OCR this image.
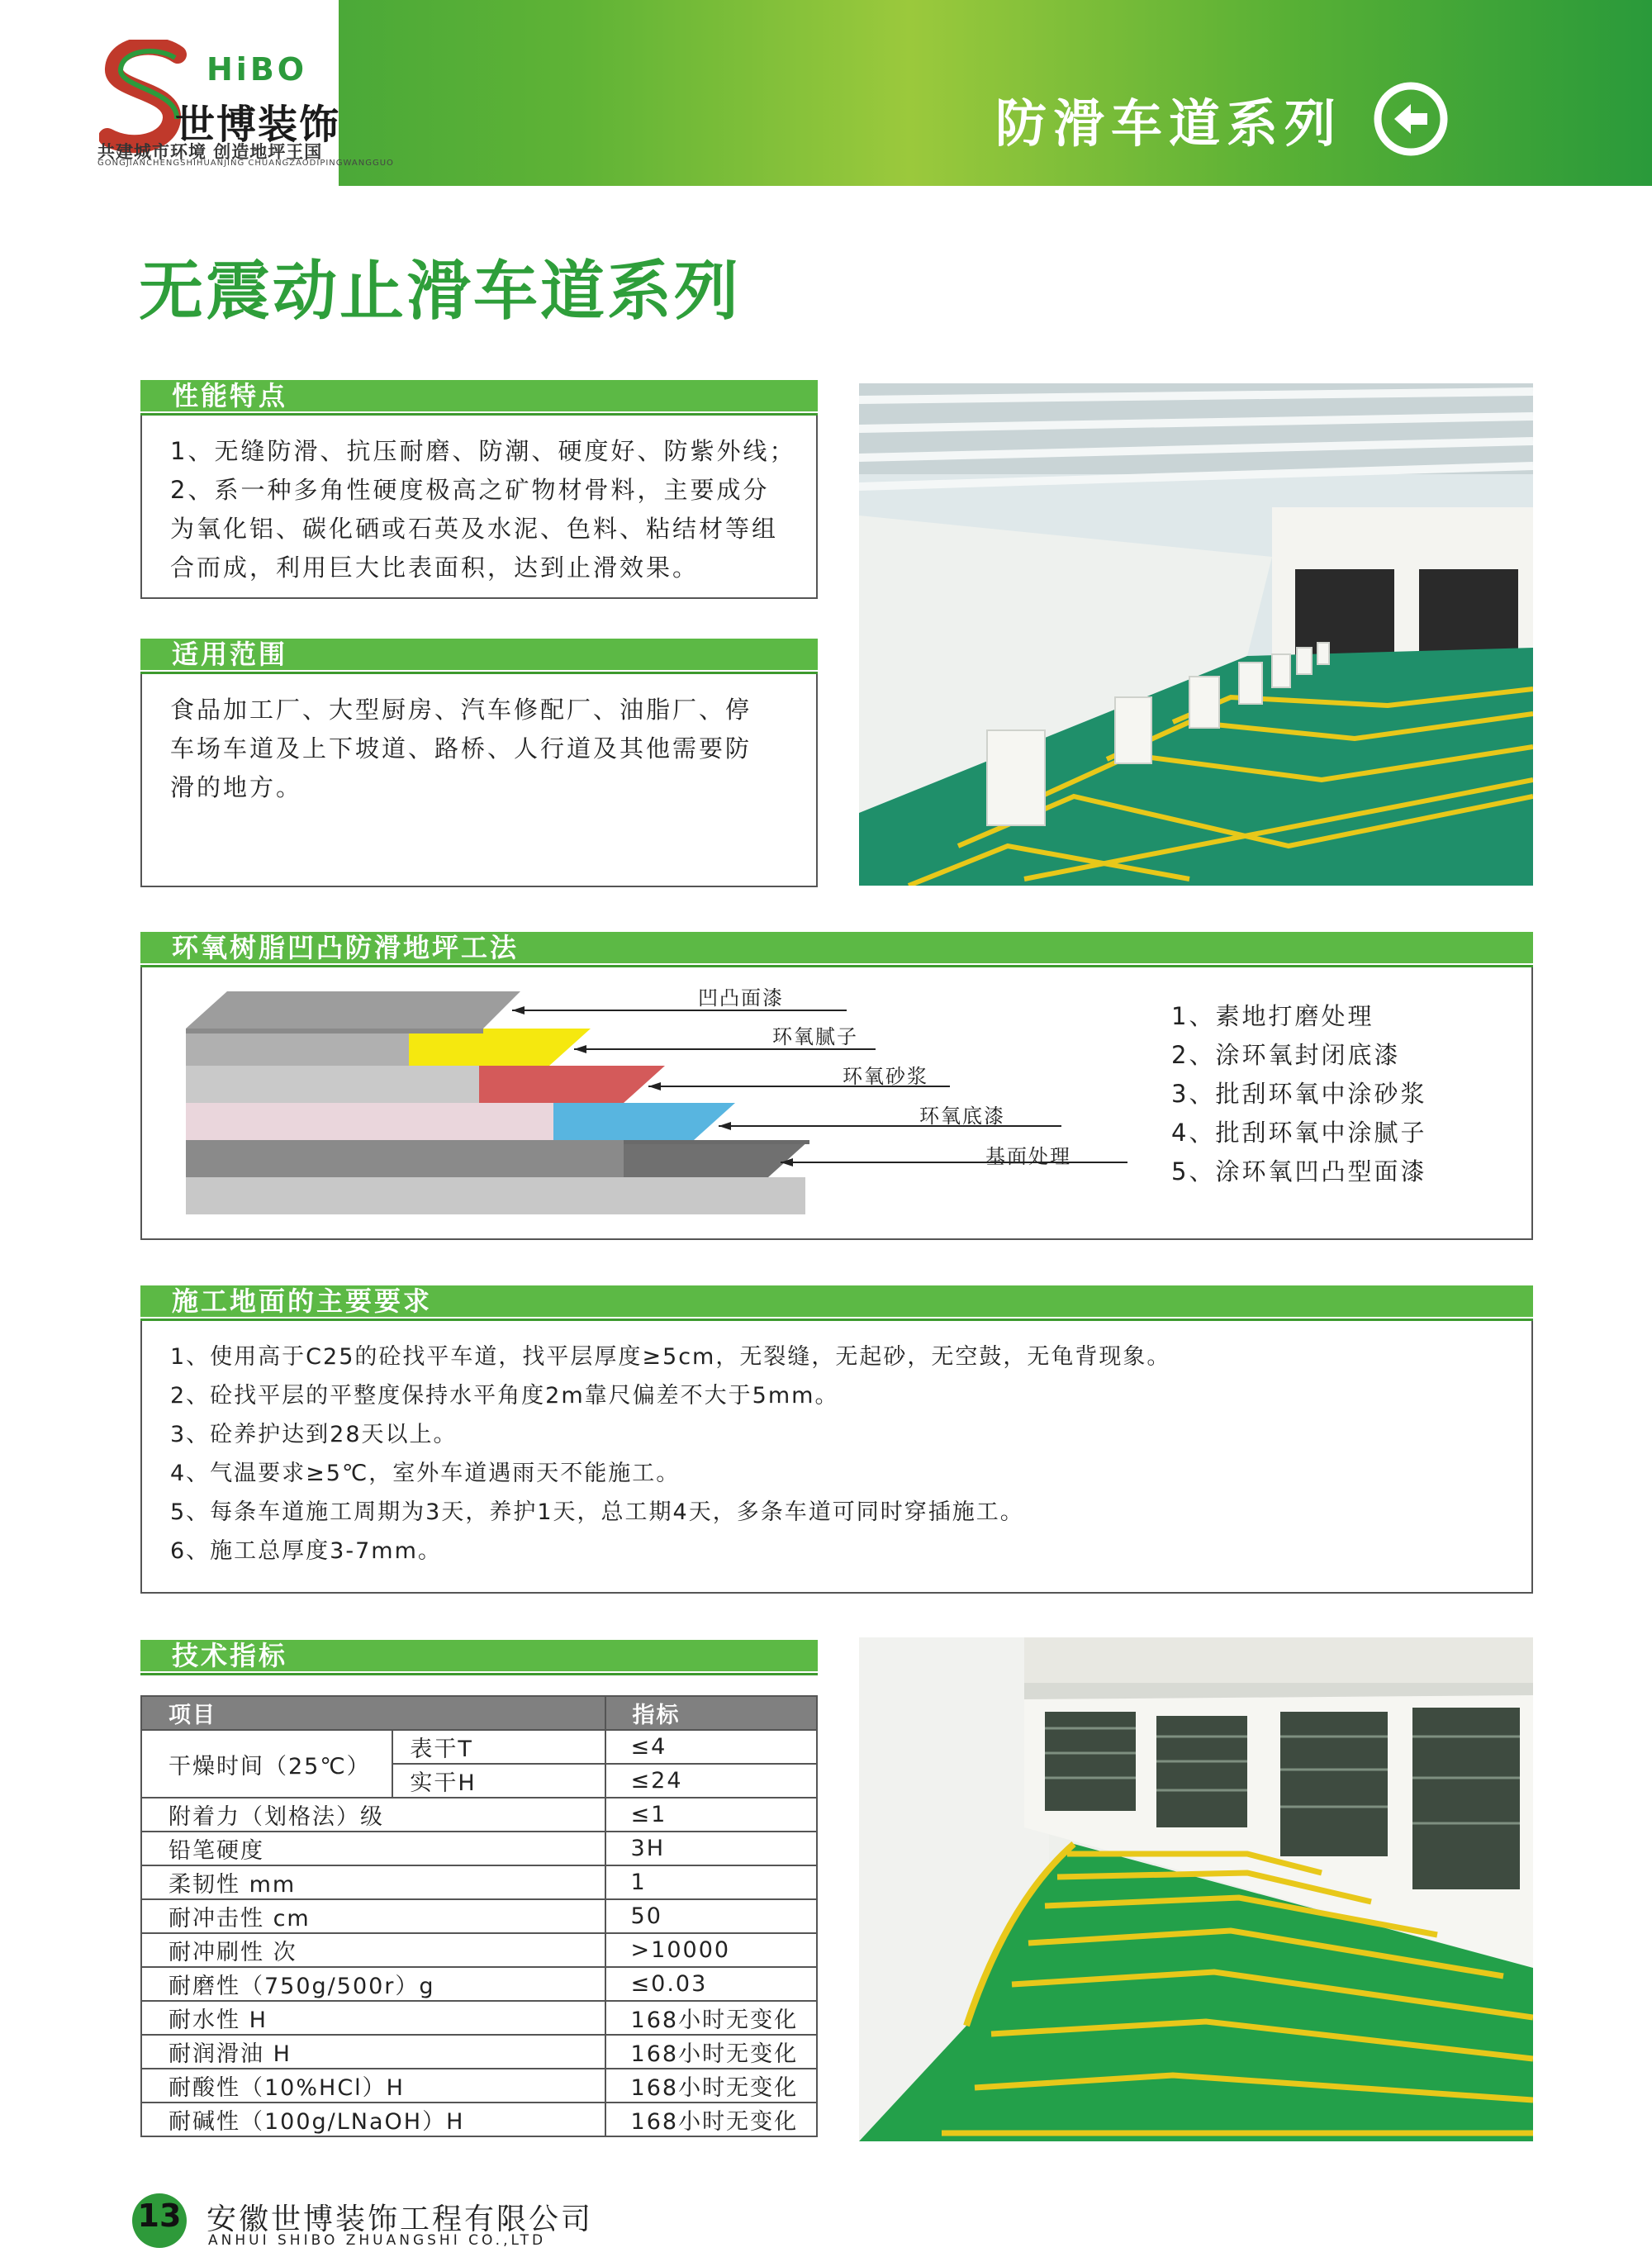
HiBO
世博装饰
共建城市环境 创造地坪王国
GONGJIANCHENGSHIHUANJING CHUANGZAODIPINGWANGGUO
防滑车道系列
无震动止滑车道系列
性能特点
1、无缝防滑、抗压耐磨、防潮、硬度好、防紫外线；
2、系一种多角性硬度极高之矿物材骨料，主要成分
为氧化铝、碳化硒或石英及水泥、色料、粘结材等组
合而成，利用巨大比表面积，达到止滑效果。
适用范围
食品加工厂、大型厨房、汽车修配厂、油脂厂、停
车场车道及上下坡道、路桥、人行道及其他需要防
滑的地方。
环氧树脂凹凸防滑地坪工法
凹凸面漆
环氧腻子
环氧砂浆
环氧底漆
基面处理
1、素地打磨处理
2、涂环氧封闭底漆
3、批刮环氧中涂砂浆
4、批刮环氧中涂腻子
5、涂环氧凹凸型面漆
施工地面的主要要求
1、使用高于C25的砼找平车道，找平层厚度≥5cm，无裂缝，无起砂，无空鼓，无龟背现象。
2、砼找平层的平整度保持水平角度2m靠尺偏差不大于5mm。
3、砼养护达到28天以上。
4、气温要求≥5℃，室外车道遇雨天不能施工。
5、每条车道施工周期为3天，养护1天，总工期4天，多条车道可同时穿插施工。
6、施工总厚度3-7mm。
技术指标
项目		指标
干燥时间（25℃）	表干T	≤4
	实干H	≤24
附着力（划格法）级		≤1
铅笔硬度		3H
柔韧性 mm		1
耐冲击性 cm		50
耐冲刷性 次		>10000
耐磨性（750g/500r）g		≤0.03
耐水性 H		168小时无变化
耐润滑油 H		168小时无变化
耐酸性（10%HCl）H		168小时无变化
耐碱性（100g/LNaOH）H		168小时无变化
13 安徽世博装饰工程有限公司
ANHUI SHIBO ZHUANGSHI CO.,LTD
